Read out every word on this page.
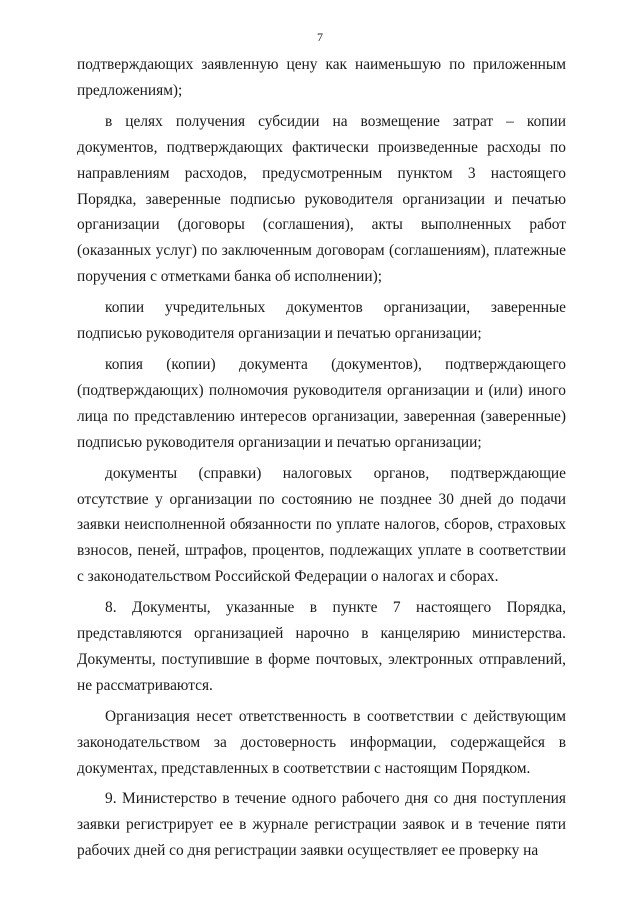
7

подтверждающих заявленную цену как наименьшую по приложенным предложениям);

в целях получения субсидии на возмещение затрат – копии документов, подтверждающих фактически произведенные расходы по направлениям расходов, предусмотренным пунктом 3 настоящего Порядка, заверенные подписью руководителя организации и печатью организации (договоры (соглашения), акты выполненных работ (оказанных услуг) по заключенным договорам (соглашениям), платежные поручения с отметками банка об исполнении);

копии учредительных документов организации, заверенные подписью руководителя организации и печатью организации;

копия (копии) документа (документов), подтверждающего (подтверждающих) полномочия руководителя организации и (или) иного лица по представлению интересов организации, заверенная (заверенные) подписью руководителя организации и печатью организации;

документы (справки) налоговых органов, подтверждающие отсутствие у организации по состоянию не позднее 30 дней до подачи заявки неисполненной обязанности по уплате налогов, сборов, страховых взносов, пеней, штрафов, процентов, подлежащих уплате в соответствии с законодательством Российской Федерации о налогах и сборах.

8. Документы, указанные в пункте 7 настоящего Порядка, представляются организацией нарочно в канцелярию министерства. Документы, поступившие в форме почтовых, электронных отправлений, не рассматриваются.

Организация несет ответственность в соответствии с действующим законодательством за достоверность информации, содержащейся в документах, представленных в соответствии с настоящим Порядком.

9. Министерство в течение одного рабочего дня со дня поступления заявки регистрирует ее в журнале регистрации заявок и в течение пяти рабочих дней со дня регистрации заявки осуществляет ее проверку на
